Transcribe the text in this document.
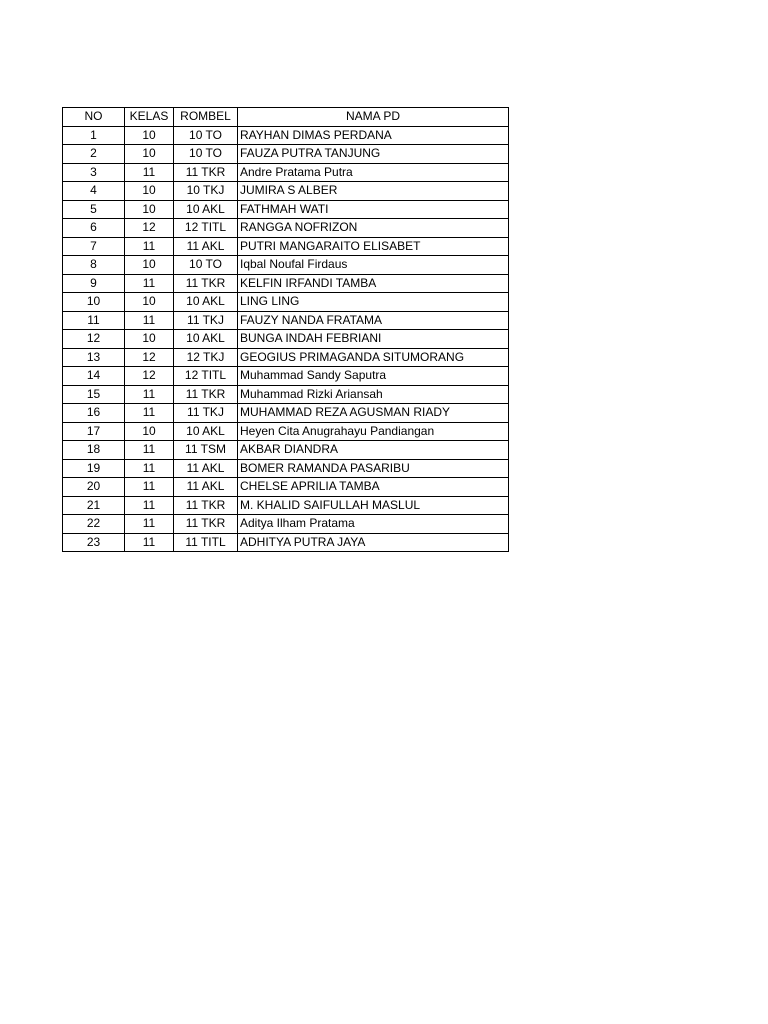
NO	KELAS	ROMBEL	NAMA PD
1	10	10 TO	RAYHAN DIMAS PERDANA
2	10	10 TO	FAUZA PUTRA TANJUNG
3	11	11 TKR	Andre Pratama Putra
4	10	10 TKJ	JUMIRA S ALBER
5	10	10 AKL	FATHMAH WATI
6	12	12 TITL	RANGGA NOFRIZON
7	11	11 AKL	PUTRI MANGARAITO ELISABET
8	10	10 TO	Iqbal Noufal Firdaus
9	11	11 TKR	KELFIN IRFANDI TAMBA
10	10	10 AKL	LING LING
11	11	11 TKJ	FAUZY NANDA FRATAMA
12	10	10 AKL	BUNGA INDAH FEBRIANI
13	12	12 TKJ	GEOGIUS PRIMAGANDA SITUMORANG
14	12	12 TITL	Muhammad Sandy Saputra
15	11	11 TKR	Muhammad Rizki Ariansah
16	11	11 TKJ	MUHAMMAD REZA AGUSMAN RIADY
17	10	10 AKL	Heyen Cita Anugrahayu Pandiangan
18	11	11 TSM	AKBAR DIANDRA
19	11	11 AKL	BOMER RAMANDA PASARIBU
20	11	11 AKL	CHELSE APRILIA TAMBA
21	11	11 TKR	M. KHALID SAIFULLAH MASLUL
22	11	11 TKR	Aditya Ilham Pratama
23	11	11 TITL	ADHITYA PUTRA JAYA
